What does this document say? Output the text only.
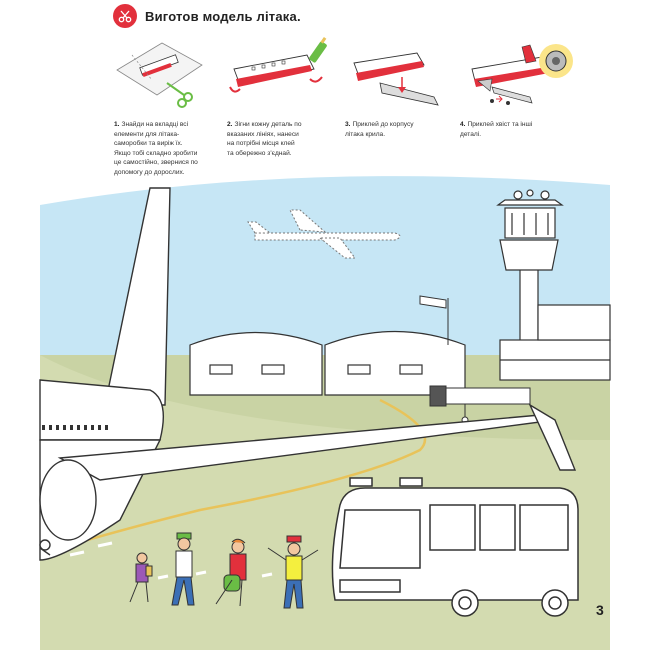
Виготов модель літака.
1. Знайди на вкладці всі
елементи для літака-
саморобки та виріж їх.
Якщо тобі складно зробити
це самостійно, звернися по
допомогу до дорослих.
2. Зігни кожну деталь по
вказаних лініях, нанеси
на потрібні місця клей
та обережно з'єднай.
3. Приклей до корпусу
літака крила.
4. Приклей хвіст та інші
деталі.
3
